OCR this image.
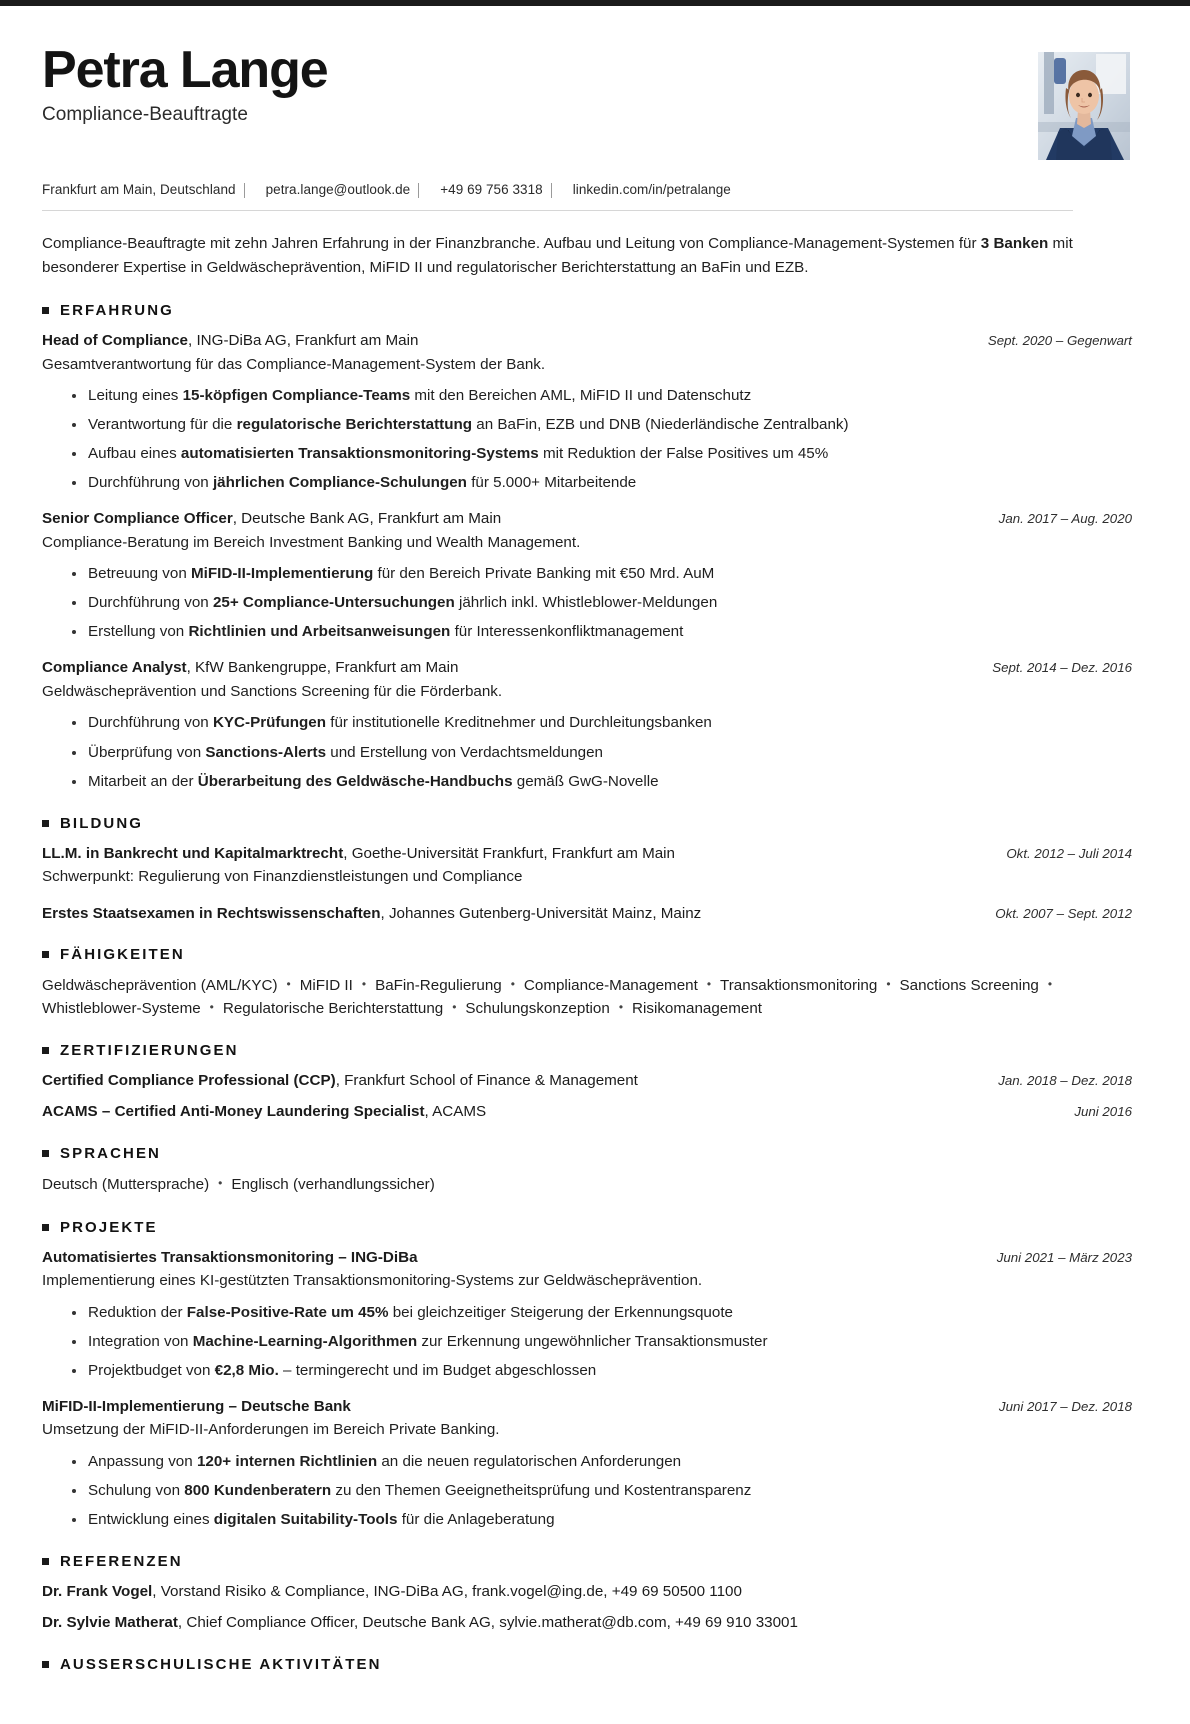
Petra Lange
Compliance-Beauftragte
Frankfurt am Main, Deutschland petra.lange@outlook.de +49 69 756 3318 linkedin.com/in/petralange
Compliance-Beauftragte mit zehn Jahren Erfahrung in der Finanzbranche. Aufbau und Leitung von Compliance-Management-Systemen für 3 Banken mit besonderer Expertise in Geldwäscheprävention, MiFID II und regulatorischer Berichterstattung an BaFin und EZB.
ERFAHRUNG
Head of Compliance, ING-DiBa AG, Frankfurt am Main	Sept. 2020 – Gegenwart
Gesamtverantwortung für das Compliance-Management-System der Bank.
Leitung eines 15-köpfigen Compliance-Teams mit den Bereichen AML, MiFID II und Datenschutz
Verantwortung für die regulatorische Berichterstattung an BaFin, EZB und DNB (Niederländische Zentralbank)
Aufbau eines automatisierten Transaktionsmonitoring-Systems mit Reduktion der False Positives um 45%
Durchführung von jährlichen Compliance-Schulungen für 5.000+ Mitarbeitende
Senior Compliance Officer, Deutsche Bank AG, Frankfurt am Main	Jan. 2017 – Aug. 2020
Compliance-Beratung im Bereich Investment Banking und Wealth Management.
Betreuung von MiFID-II-Implementierung für den Bereich Private Banking mit €50 Mrd. AuM
Durchführung von 25+ Compliance-Untersuchungen jährlich inkl. Whistleblower-Meldungen
Erstellung von Richtlinien und Arbeitsanweisungen für Interessenkonfliktmanagement
Compliance Analyst, KfW Bankengruppe, Frankfurt am Main	Sept. 2014 – Dez. 2016
Geldwäscheprävention und Sanctions Screening für die Förderbank.
Durchführung von KYC-Prüfungen für institutionelle Kreditnehmer und Durchleitungsbanken
Überprüfung von Sanctions-Alerts und Erstellung von Verdachtsmeldungen
Mitarbeit an der Überarbeitung des Geldwäsche-Handbuchs gemäß GwG-Novelle
BILDUNG
LL.M. in Bankrecht und Kapitalmarktrecht, Goethe-Universität Frankfurt, Frankfurt am Main	Okt. 2012 – Juli 2014
Schwerpunkt: Regulierung von Finanzdienstleistungen und Compliance
Erstes Staatsexamen in Rechtswissenschaften, Johannes Gutenberg-Universität Mainz, Mainz	Okt. 2007 – Sept. 2012
FÄHIGKEITEN
Geldwäscheprävention (AML/KYC) • MiFID II • BaFin-Regulierung • Compliance-Management • Transaktionsmonitoring • Sanctions Screening •Whistleblower-Systeme • Regulatorische Berichterstattung • Schulungskonzeption • Risikomanagement
ZERTIFIZIERUNGEN
Certified Compliance Professional (CCP), Frankfurt School of Finance & Management	Jan. 2018 – Dez. 2018
ACAMS – Certified Anti-Money Laundering Specialist, ACAMS	Juni 2016
SPRACHEN
Deutsch (Muttersprache) • Englisch (verhandlungssicher)
PROJEKTE
Automatisiertes Transaktionsmonitoring – ING-DiBa	Juni 2021 – März 2023
Implementierung eines KI-gestützten Transaktionsmonitoring-Systems zur Geldwäscheprävention.
Reduktion der False-Positive-Rate um 45% bei gleichzeitiger Steigerung der Erkennungsquote
Integration von Machine-Learning-Algorithmen zur Erkennung ungewöhnlicher Transaktionsmuster
Projektbudget von €2,8 Mio. – termingerecht und im Budget abgeschlossen
MiFID-II-Implementierung – Deutsche Bank	Juni 2017 – Dez. 2018
Umsetzung der MiFID-II-Anforderungen im Bereich Private Banking.
Anpassung von 120+ internen Richtlinien an die neuen regulatorischen Anforderungen
Schulung von 800 Kundenberatern zu den Themen Geeignetheitsprüfung und Kostentransparenz
Entwicklung eines digitalen Suitability-Tools für die Anlageberatung
REFERENZEN
Dr. Frank Vogel, Vorstand Risiko & Compliance, ING-DiBa AG, frank.vogel@ing.de, +49 69 50500 1100
Dr. Sylvie Matherat, Chief Compliance Officer, Deutsche Bank AG, sylvie.matherat@db.com, +49 69 910 33001
AUSSERSCHULISCHE AKTIVITÄTEN
